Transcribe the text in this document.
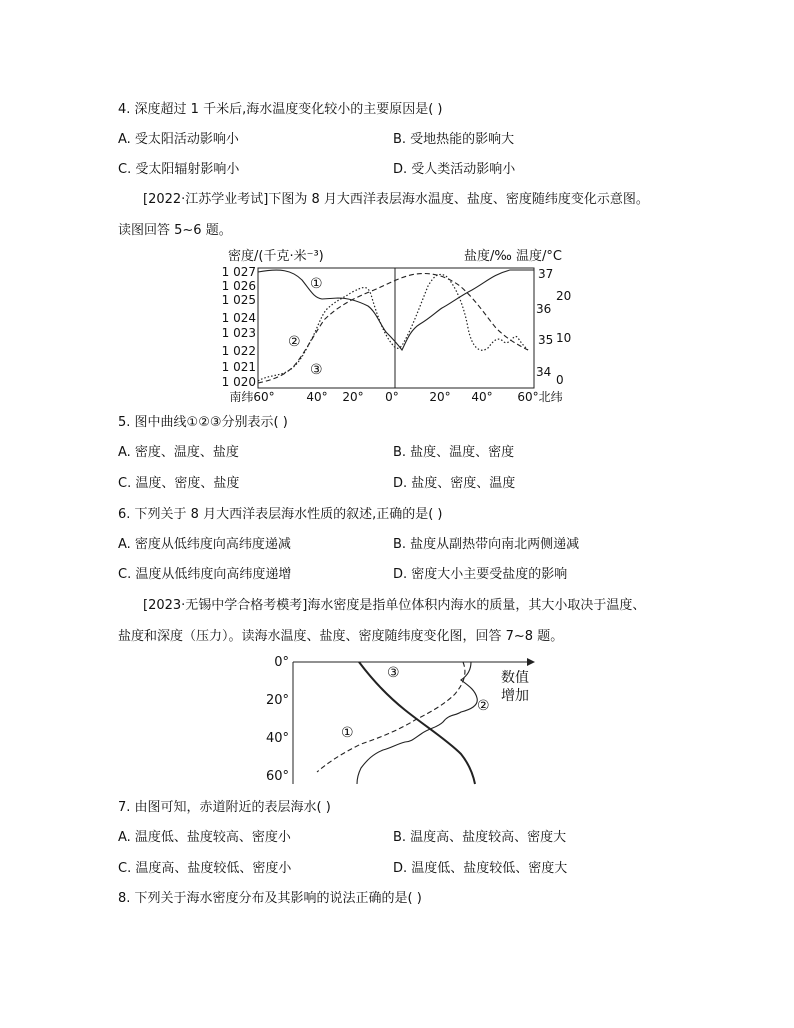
4. 深度超过 1 千米后,海水温度变化较小的主要原因是( )
A. 受太阳活动影响小	B. 受地热能的影响大
C. 受太阳辐射影响小	D. 受人类活动影响小
[2022·江苏学业考试]下图为 8 月大西洋表层海水温度、盐度、密度随纬度变化示意图。
读图回答 5~6 题。
密度/(千克·米⁻³)	盐度/‰ 温度/°C
1 027
1 026
1 025
1 024
1 023
1 022
1 021
1 020
37
36
35
34
20
10
0
南纬60°	40° 20° 0°	20° 40° 60°北纬
①
②
③
5. 图中曲线①②③分别表示( )
A. 密度、温度、盐度	B. 盐度、温度、密度
C. 温度、密度、盐度	D. 盐度、密度、温度
6. 下列关于 8 月大西洋表层海水性质的叙述,正确的是( )
A. 密度从低纬度向高纬度递减	B. 盐度从副热带向南北两侧递减
C. 温度从低纬度向高纬度递增	D. 密度大小主要受盐度的影响
[2023·无锡中学合格考模考]海水密度是指单位体积内海水的质量，其大小取决于温度、
盐度和深度（压力）。读海水温度、盐度、密度随纬度变化图，回答 7~8 题。
0°
20°
40°
60°
数值
增加
③
②
①
7. 由图可知，赤道附近的表层海水( )
A. 温度低、盐度较高、密度小	B. 温度高、盐度较高、密度大
C. 温度高、盐度较低、密度小	D. 温度低、盐度较低、密度大
8. 下列关于海水密度分布及其影响的说法正确的是( )
